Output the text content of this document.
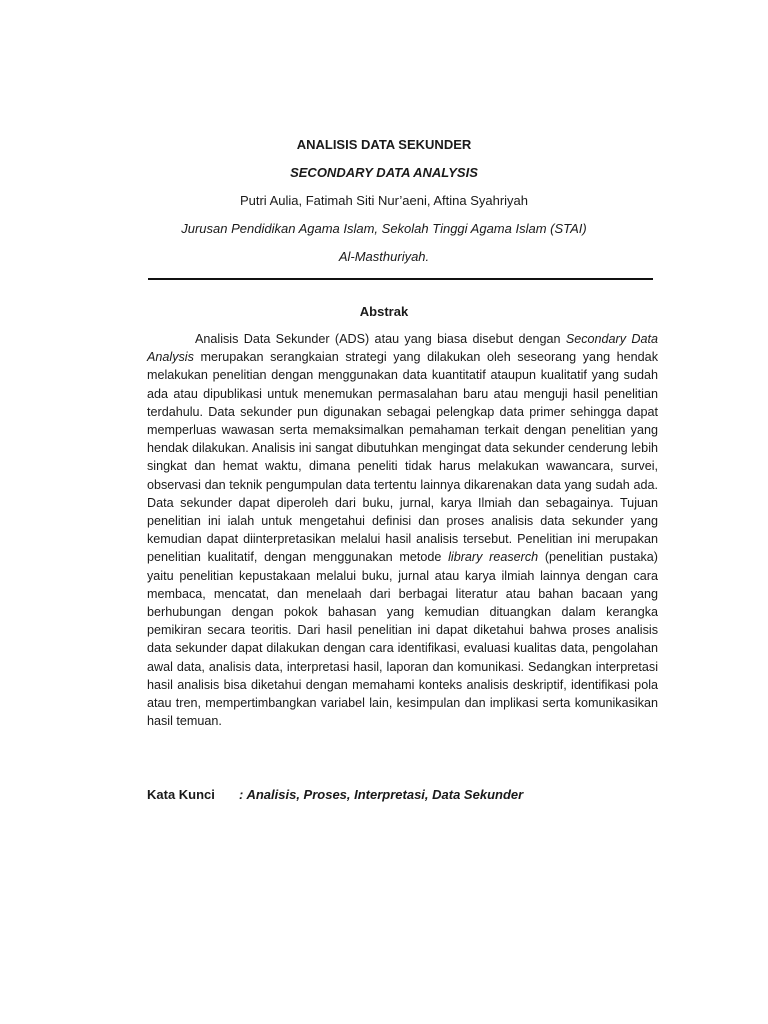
ANALISIS DATA SEKUNDER
SECONDARY DATA ANALYSIS
Putri Aulia, Fatimah Siti Nur’aeni, Aftina Syahriyah
Jurusan Pendidikan Agama Islam, Sekolah Tinggi Agama Islam (STAI)
Al-Masthuriyah.
Abstrak
Analisis Data Sekunder (ADS) atau yang biasa disebut dengan Secondary Data Analysis merupakan serangkaian strategi yang dilakukan oleh seseorang yang hendak melakukan penelitian dengan menggunakan data kuantitatif ataupun kualitatif yang sudah ada atau dipublikasi untuk menemukan permasalahan baru atau menguji hasil penelitian terdahulu. Data sekunder pun digunakan sebagai pelengkap data primer sehingga dapat memperluas wawasan serta memaksimalkan pemahaman terkait dengan penelitian yang hendak dilakukan. Analisis ini sangat dibutuhkan mengingat data sekunder cenderung lebih singkat dan hemat waktu, dimana peneliti tidak harus melakukan wawancara, survei, observasi dan teknik pengumpulan data tertentu lainnya dikarenakan data yang sudah ada. Data sekunder dapat diperoleh dari buku, jurnal, karya Ilmiah dan sebagainya. Tujuan penelitian ini ialah untuk mengetahui definisi dan proses analisis data sekunder yang kemudian dapat diinterpretasikan melalui hasil analisis tersebut. Penelitian ini merupakan penelitian kualitatif, dengan menggunakan metode library reaserch (penelitian pustaka) yaitu penelitian kepustakaan melalui buku, jurnal atau karya ilmiah lainnya dengan cara membaca, mencatat, dan menelaah dari berbagai literatur atau bahan bacaan yang berhubungan dengan pokok bahasan yang kemudian dituangkan dalam kerangka pemikiran secara teoritis. Dari hasil penelitian ini dapat diketahui bahwa proses analisis data sekunder dapat dilakukan dengan cara identifikasi, evaluasi kualitas data, pengolahan awal data, analisis data, interpretasi hasil, laporan dan komunikasi. Sedangkan interpretasi hasil analisis bisa diketahui dengan memahami konteks analisis deskriptif, identifikasi pola atau tren, mempertimbangkan variabel lain, kesimpulan dan implikasi serta komunikasikan hasil temuan.
Kata Kunci : Analisis, Proses, Interpretasi, Data Sekunder
